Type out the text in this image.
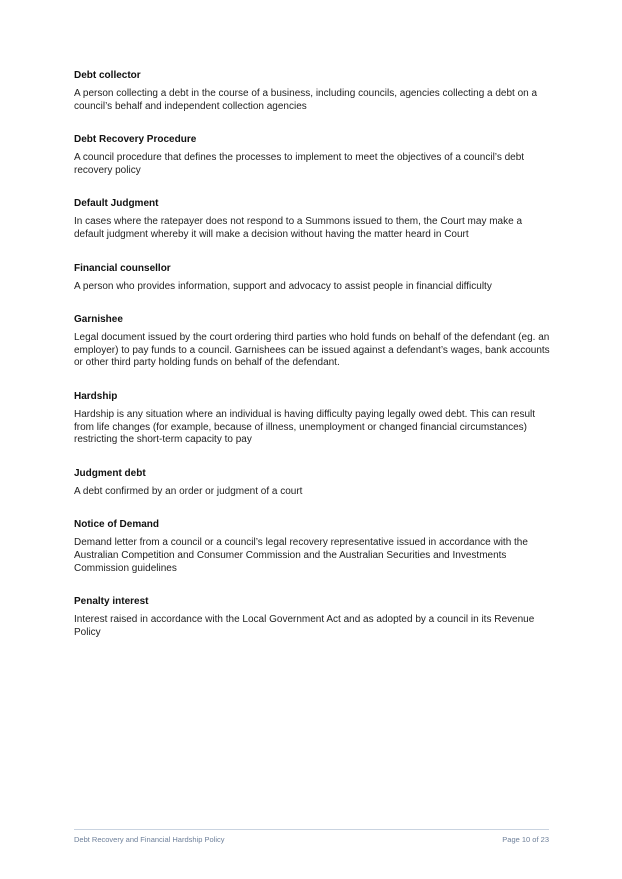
Debt collector

A person collecting a debt in the course of a business, including councils, agencies collecting a debt on a council’s behalf and independent collection agencies

Debt Recovery Procedure

A council procedure that defines the processes to implement to meet the objectives of a council’s debt recovery policy

Default Judgment

In cases where the ratepayer does not respond to a Summons issued to them, the Court may make a default judgment whereby it will make a decision without having the matter heard in Court

Financial counsellor

A person who provides information, support and advocacy to assist people in financial difficulty

Garnishee

Legal document issued by the court ordering third parties who hold funds on behalf of the defendant (eg. an employer) to pay funds to a council. Garnishees can be issued against a defendant’s wages, bank accounts or other third party holding funds on behalf of the defendant.

Hardship

Hardship is any situation where an individual is having difficulty paying legally owed debt. This can result from life changes (for example, because of illness, unemployment or changed financial circumstances) restricting the short-term capacity to pay

Judgment debt

A debt confirmed by an order or judgment of a court

Notice of Demand

Demand letter from a council or a council’s legal recovery representative issued in accordance with the Australian Competition and Consumer Commission and the Australian Securities and Investments Commission guidelines

Penalty interest

Interest raised in accordance with the Local Government Act and as adopted by a council in its Revenue Policy

Debt Recovery and Financial Hardship Policy	Page 10 of 23
